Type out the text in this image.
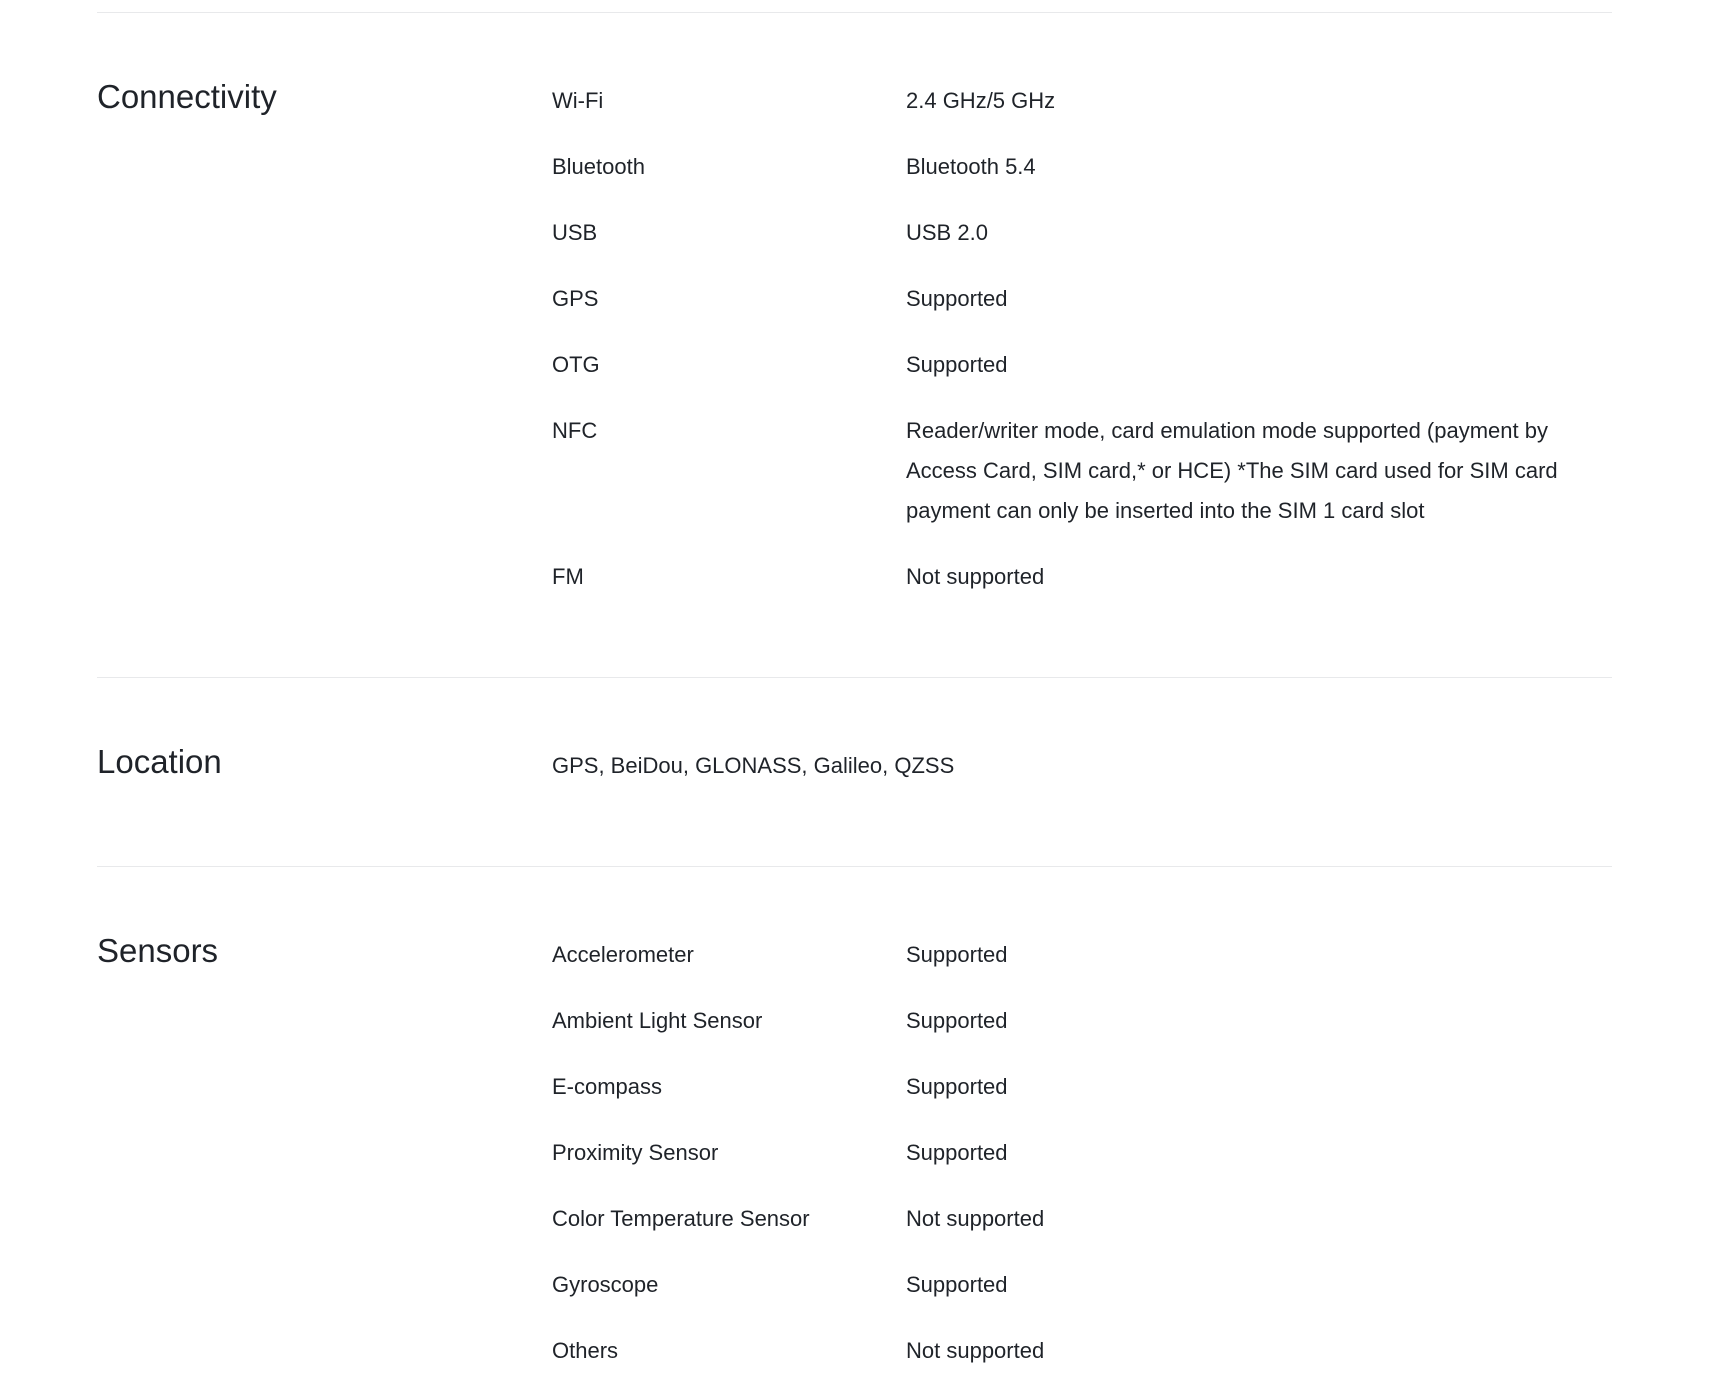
Connectivity	Wi-Fi	2.4 GHz/5 GHz
Bluetooth	Bluetooth 5.4
USB	USB 2.0
GPS	Supported
OTG	Supported
NFC	Reader/writer mode, card emulation mode supported (payment by Access Card, SIM card,* or HCE) *The SIM card used for SIM card payment can only be inserted into the SIM 1 card slot
FM	Not supported
Location	GPS, BeiDou, GLONASS, Galileo, QZSS
Sensors	Accelerometer	Supported
Ambient Light Sensor	Supported
E-compass	Supported
Proximity Sensor	Supported
Color Temperature Sensor	Not supported
Gyroscope	Supported
Others	Not supported
